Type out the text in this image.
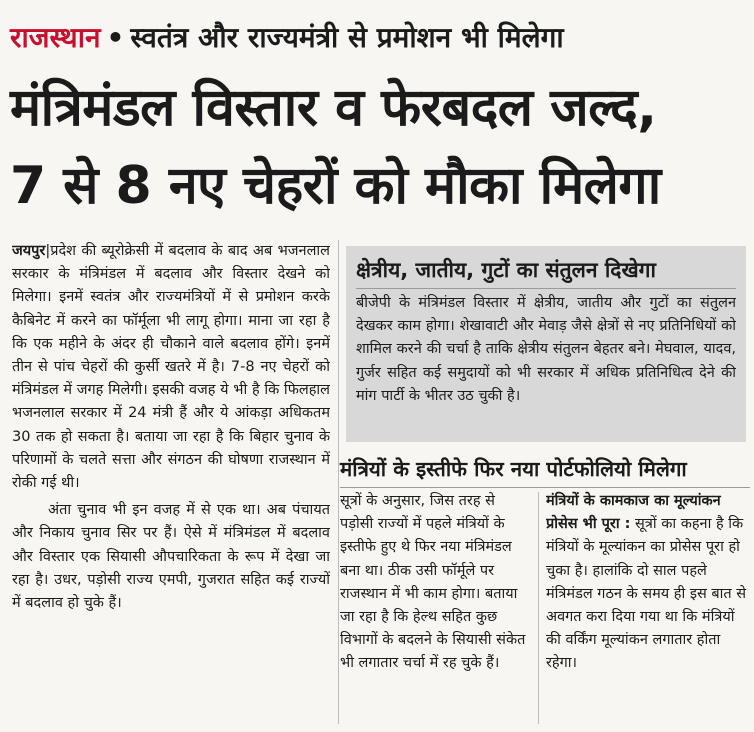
राजस्थान • स्वतंत्र और राज्यमंत्री से प्रमोशन भी मिलेगा
मंत्रिमंडल विस्तार व फेरबदल जल्द,
7 से 8 नए चेहरों को मौका मिलेगा

जयपुर|प्रदेश की ब्यूरोक्रेसी में बदलाव के बाद अब भजनलाल सरकार के मंत्रिमंडल में बदलाव और विस्तार देखने को मिलेगा। इनमें स्वतंत्र और राज्यमंत्रियों में से प्रमोशन करके कैबिनेट में करने का फॉर्मूला भी लागू होगा। माना जा रहा है कि एक महीने के अंदर ही चौकाने वाले बदलाव होंगे। इनमें तीन से पांच चेहरों की कुर्सी खतरे में है। 7-8 नए चेहरों को मंत्रिमंडल में जगह मिलेगी। इसकी वजह ये भी है कि फिलहाल भजनलाल सरकार में 24 मंत्री हैं और ये आंकड़ा अधिकतम 30 तक हो सकता है। बताया जा रहा है कि बिहार चुनाव के परिणामों के चलते सत्ता और संगठन की घोषणा राजस्थान में रोकी गई थी।

अंता चुनाव भी इन वजह में से एक था। अब पंचायत और निकाय चुनाव सिर पर हैं। ऐसे में मंत्रिमंडल में बदलाव और विस्तार एक सियासी औपचारिकता के रूप में देखा जा रहा है। उधर, पड़ोसी राज्य एमपी, गुजरात सहित कई राज्यों में बदलाव हो चुके हैं।

क्षेत्रीय, जातीय, गुटों का संतुलन दिखेगा

बीजेपी के मंत्रिमंडल विस्तार में क्षेत्रीय, जातीय और गुटों का संतुलन देखकर काम होगा। शेखावाटी और मेवाड़ जैसे क्षेत्रों से नए प्रतिनिधियों को शामिल करने की चर्चा है ताकि क्षेत्रीय संतुलन बेहतर बने। मेघवाल, यादव, गुर्जर सहित कई समुदायों को भी सरकार में अधिक प्रतिनिधित्व देने की मांग पार्टी के भीतर उठ चुकी है।

मंत्रियों के इस्तीफे फिर नया पोर्टफोलियो मिलेगा

सूत्रों के अनुसार, जिस तरह से पड़ोसी राज्यों में पहले मंत्रियों के इस्तीफे हुए थे फिर नया मंत्रिमंडल बना था। ठीक उसी फॉर्मूले पर राजस्थान में भी काम होगा। बताया जा रहा है कि हेल्थ सहित कुछ विभागों के बदलने के सियासी संकेत भी लगातार चर्चा में रह चुके हैं।

मंत्रियों के कामकाज का मूल्यांकन प्रोसेस भी पूरा : सूत्रों का कहना है कि मंत्रियों के मूल्यांकन का प्रोसेस पूरा हो चुका है। हालांकि दो साल पहले मंत्रिमंडल गठन के समय ही इस बात से अवगत करा दिया गया था कि मंत्रियों की वर्किंग मूल्यांकन लगातार होता रहेगा।
